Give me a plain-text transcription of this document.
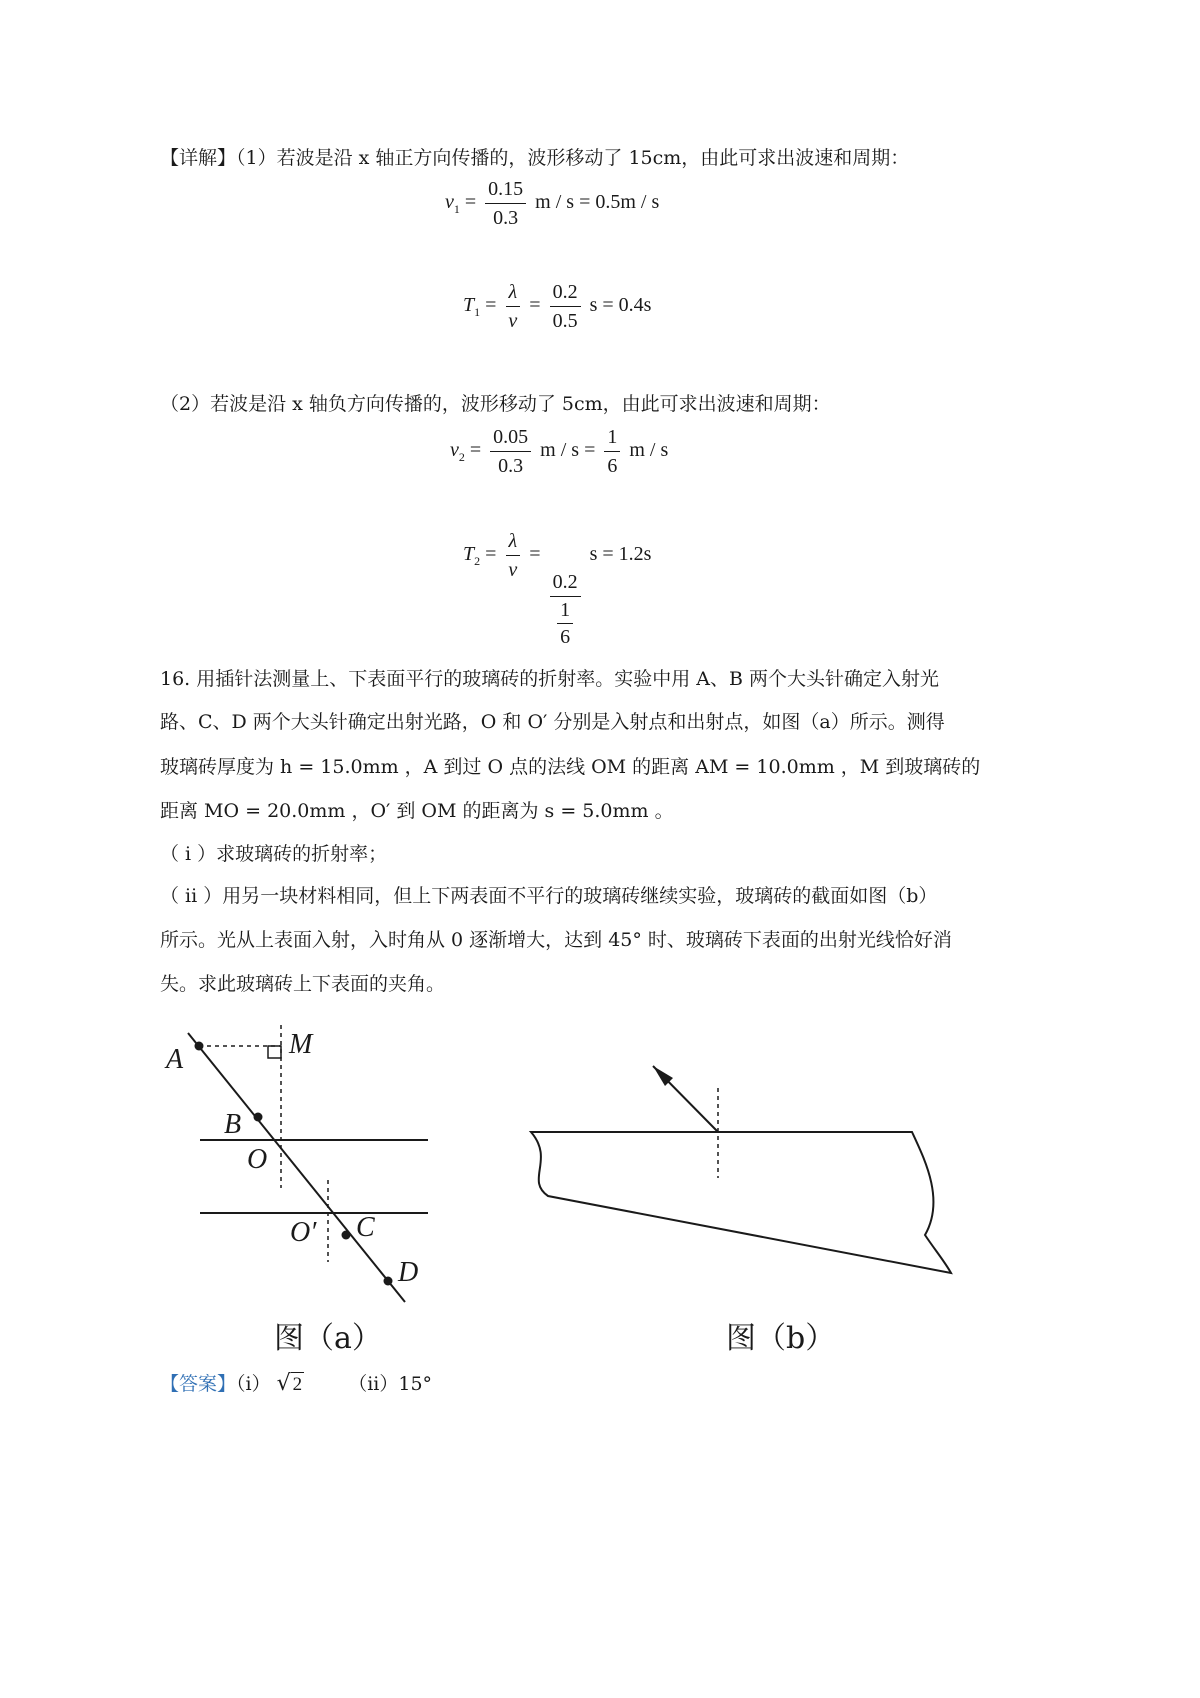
【详解】（1）若波是沿 x 轴正方向传播的，波形移动了 15cm，由此可求出波速和周期：
$v_1 = \frac{0.15}{0.3}$ m / s = 0.5m / s
$T_1 = \frac{\lambda}{v} = \frac{0.2}{0.5}$ s = 0.4s
（2）若波是沿 x 轴负方向传播的，波形移动了 5cm，由此可求出波速和周期：
$v_2 = \frac{0.05}{0.3}$ $m / s = \frac{1}{6}$ m / s
$T_2 = \frac{\lambda}{v}$ =
$\frac{0.2}{\frac{1}{6}}$
s = 1.2s
16. 用插针法测量上、下表面平行的玻璃砖的折射率。实验中用 A、B 两个大头针确定入射光
路、C、D 两个大头针确定出射光路，O 和 O′ 分别是入射点和出射点，如图（a）所示。测得
玻璃砖厚度为 h = 15.0mm ，A 到过 O 点的法线 OM 的距离 AM = 10.0mm ，M 到玻璃砖的
距离 MO = 20.0mm ，O′ 到 OM 的距离为 s = 5.0mm 。
（ i ）求玻璃砖的折射率；
（ ii ）用另一块材料相同，但上下两表面不平行的玻璃砖继续实验，玻璃砖的截面如图（b）
所示。光从上表面入射，入时角从 0 逐渐增大，达到 45° 时、玻璃砖下表面的出射光线恰好消
失。求此玻璃砖上下表面的夹角。
A	M
B
O
O′ C
D
图（a）	图（b）
【答案】（i） √ 2 （ii）15°
